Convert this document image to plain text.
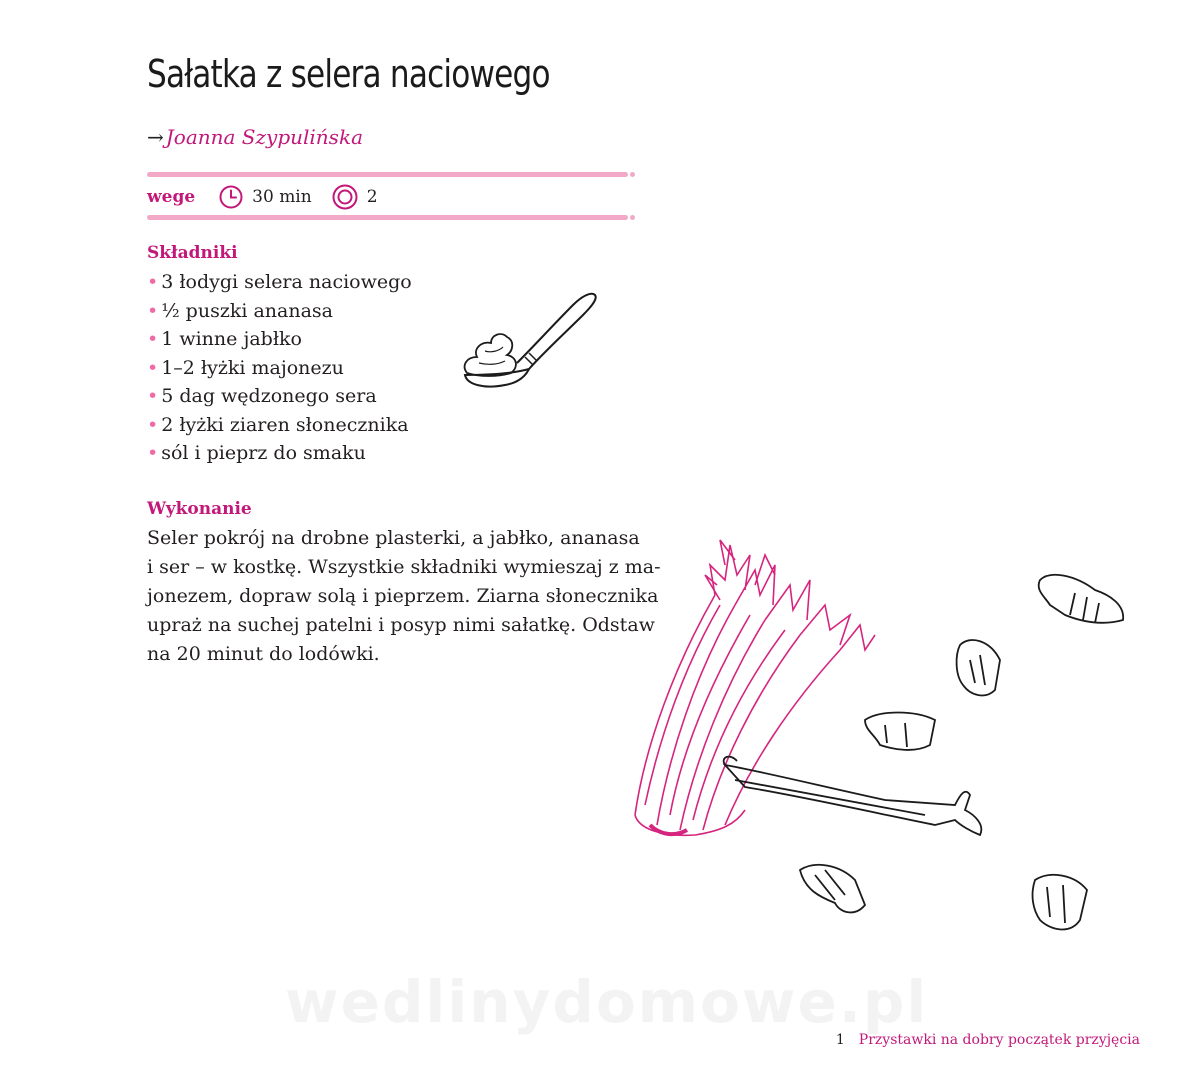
Sałatka z selera naciowego
→ Joanna Szypulińska
wege	30 min	2
Składniki
• 3 łodygi selera naciowego
• ½ puszki ananasa
• 1 winne jabłko
• 1–2 łyżki majonezu
• 5 dag wędzonego sera
• 2 łyżki ziaren słonecznika
• sól i pieprz do smaku
Wykonanie
Seler pokrój na drobne plasterki, a jabłko, ananasa
i ser – w kostkę. Wszystkie składniki wymieszaj z ma-
jonezem, dopraw solą i pieprzem. Ziarna słonecznika
upraż na suchej patelni i posyp nimi sałatkę. Odstaw
na 20 minut do lodówki.
wedlinydomowe.pl
1 Przystawki na dobry początek przyjęcia
